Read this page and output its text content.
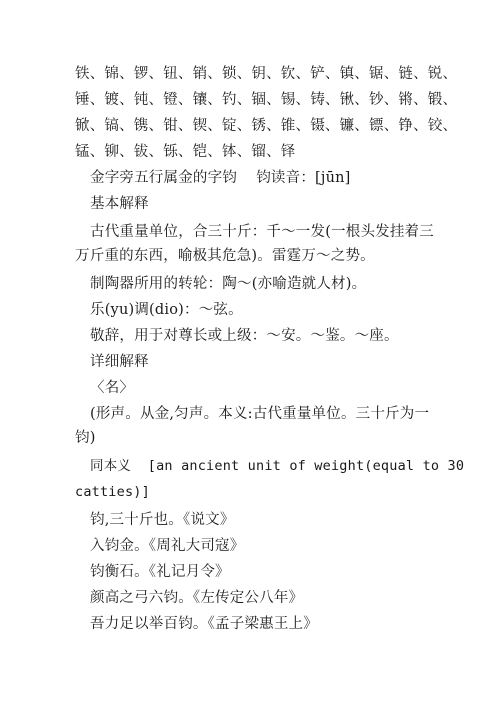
铁、锦、锣、钮、销、锁、钥、钦、铲、镇、锯、链、锐、
锤、镀、钝、镫、镶、钓、锢、锡、铸、锹、钞、锵、锻、
锨、镐、镌、钳、锲、锭、锈、锥、镊、镰、镖、铮、铰、
锰、铆、钹、铄、铠、钵、镏、铎
金字旁五行属金的字钧    钧读音：[jūn]
基本解释
古代重量单位，合三十斤：千～一发(一根头发挂着三
万斤重的东西，喻极其危急)。雷霆万～之势。
制陶器所用的转轮：陶～(亦喻造就人材)。
乐(yu)调(dio)：～弦。
敬辞，用于对尊长或上级：～安。～鉴。～座。
详细解释
〈名〉
(形声。从金,匀声。本义:古代重量单位。三十斤为一
钧)
同本义  [an ancient unit of weight(equal to 30
catties)]
钧,三十斤也。《说文》
入钧金。《周礼大司寇》
钧衡石。《礼记月令》
颜高之弓六钧。《左传定公八年》
吾力足以举百钧。《孟子梁惠王上》
